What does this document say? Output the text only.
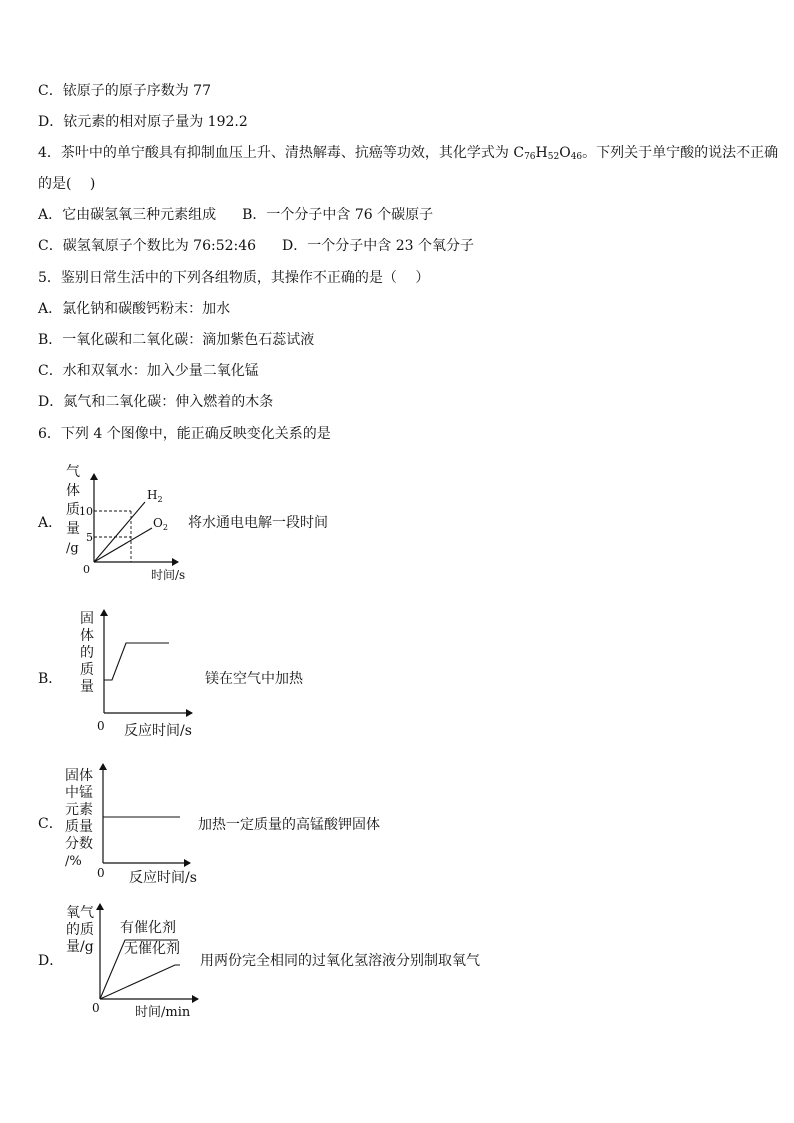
C．铱原子的原子序数为 77
D．铱元素的相对原子量为 192.2
4．茶叶中的单宁酸具有抑制血压上升、清热解毒、抗癌等功效，其化学式为 $C_{76}H_{52}O_{46}$。下列关于单宁酸的说法不正确
的是(　 )
A．它由碳氢氧三种元素组成 B．一个分子中含 76 个碳原子
C．碳氢氧原子个数比为 76:52:46 D．一个分子中含 23 个氧分子
5．鉴别日常生活中的下列各组物质，其操作不正确的是（　 ）
A．氯化钠和碳酸钙粉末：加水
B．一氧化碳和二氧化碳：滴加紫色石蕊试液
C．水和双氧水：加入少量二氧化锰
D．氮气和二氧化碳：伸入燃着的木条
6．下列 4 个图像中，能正确反映变化关系的是
A．
B．
C．
D．
将水通电电解一段时间
镁在空气中加热
加热一定质量的高锰酸钾固体
用两份完全相同的过氧化氢溶液分别制取氧气
气
体
质
量
/g
10
5
0	时间/s
$H_2$
$O_2$
固
体
的
质
量
0 反应时间/s
固体
中锰
元素
质量
分数
/%
0 反应时间/s
氧气
的质
量/g
有催化剂
无催化剂
0	时间/min
